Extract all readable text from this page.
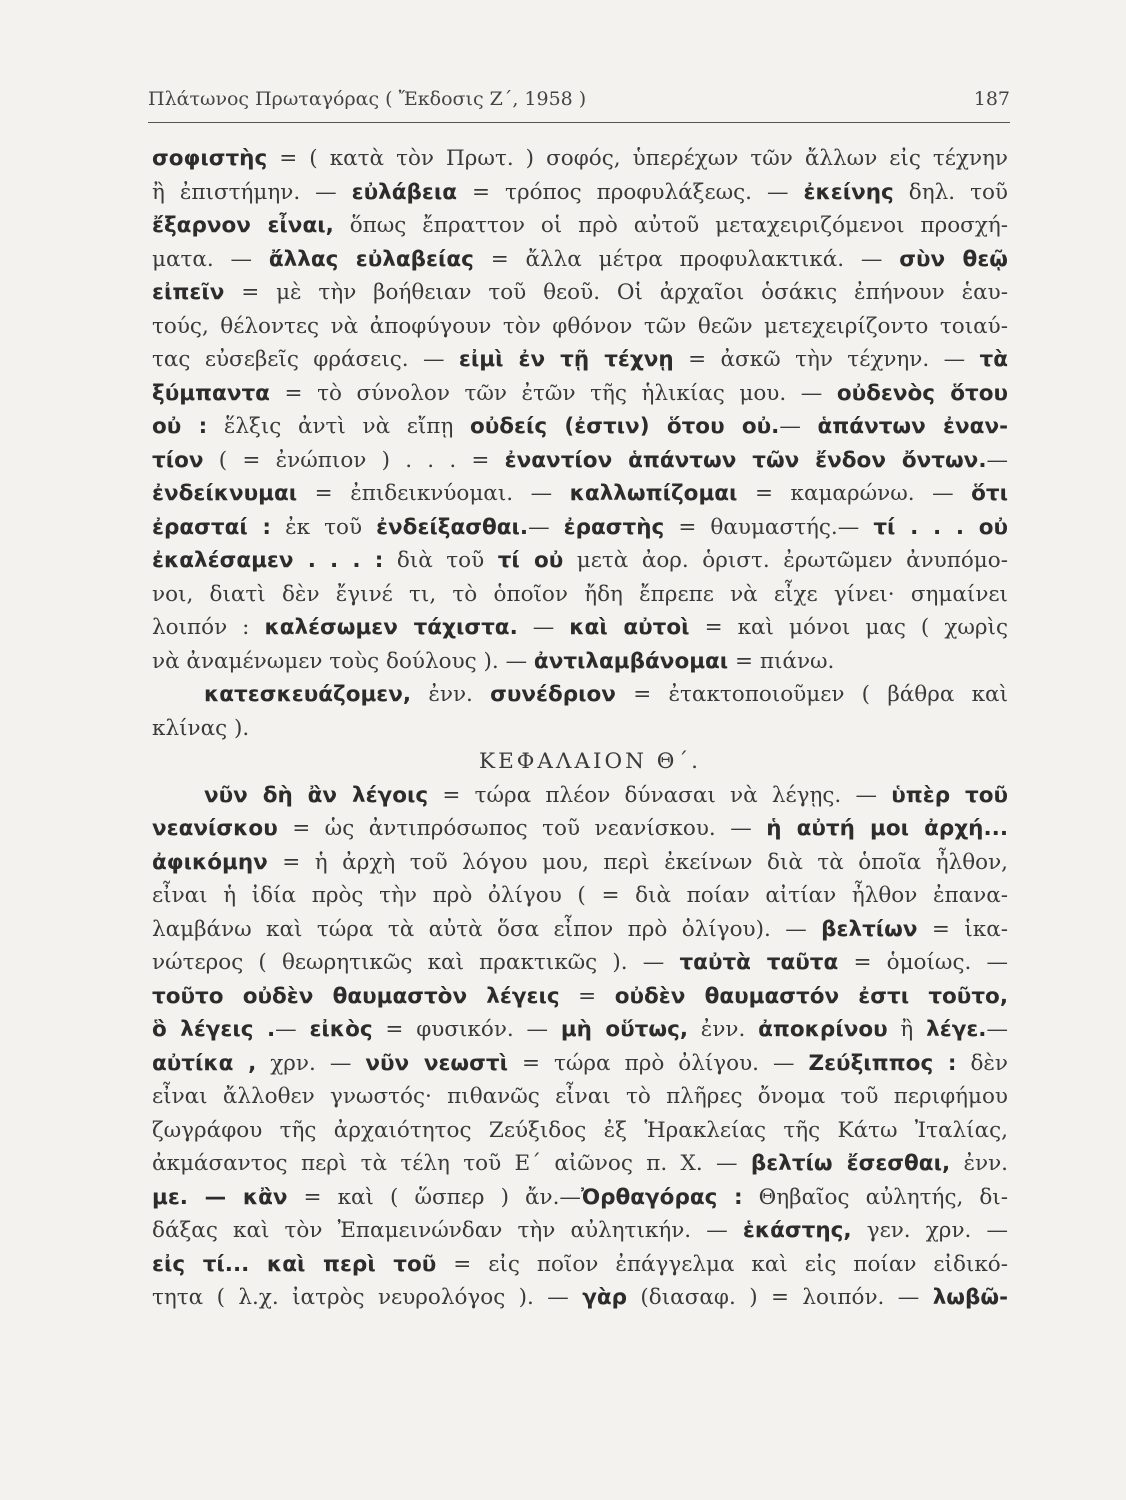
Πλάτωνος Πρωταγόρας ( Ἔκδοσις Ζ΄, 1958 )	187
σοφιστὴς = ( κατὰ τὸν Πρωτ. ) σοφός, ὑπερέχων τῶν ἄλλων εἰς τέχνην
ἢ ἐπιστήμην. — εὐλάβεια = τρόπος προφυλάξεως. — ἐκείνης δηλ. τοῦ
ἔξαρνον εἶναι, ὅπως ἔπραττον οἱ πρὸ αὐτοῦ μεταχειριζόμενοι προσχή-
ματα. — ἄλλας εὐλαβείας = ἄλλα μέτρα προφυλακτικά. — σὺν θεῷ
εἰπεῖν = μὲ τὴν βοήθειαν τοῦ θεοῦ. Οἱ ἀρχαῖοι ὁσάκις ἐπήνουν ἑαυ-
τούς, θέλοντες νὰ ἀποφύγουν τὸν φθόνον τῶν θεῶν μετεχειρίζοντο τοιαύ-
τας εὐσεβεῖς φράσεις. — εἰμὶ ἐν τῇ τέχνῃ = ἀσκῶ τὴν τέχνην. — τὰ
ξύμπαντα = τὸ σύνολον τῶν ἐτῶν τῆς ἡλικίας μου. — οὐδενὸς ὅτου
οὐ : ἕλξις ἀντὶ νὰ εἴπῃ οὐδείς (ἐστιν) ὅτου οὐ.— ἁπάντων ἐναν-
τίον ( = ἐνώπιον ) . . . = ἐναντίον ἁπάντων τῶν ἔνδον ὄντων.—
ἐνδείκνυμαι = ἐπιδεικνύομαι. — καλλωπίζομαι = καμαρώνω. — ὅτι
ἐρασταί : ἐκ τοῦ ἐνδείξασθαι.— ἐραστὴς = θαυμαστής.— τί . . . οὐ
ἐκαλέσαμεν . . . : διὰ τοῦ τί οὐ μετὰ ἀορ. ὁριστ. ἐρωτῶμεν ἀνυπόμο-
νοι, διατὶ δὲν ἔγινέ τι, τὸ ὁποῖον ἤδη ἔπρεπε νὰ εἶχε γίνει· σημαίνει
λοιπόν : καλέσωμεν τάχιστα. — καὶ αὐτοὶ = καὶ μόνοι μας ( χωρὶς
νὰ ἀναμένωμεν τοὺς δούλους ). — ἀντιλαμβάνομαι = πιάνω.
κατεσκευάζομεν, ἐνν. συνέδριον = ἐτακτοποιοῦμεν ( βάθρα καὶ
κλίνας ).
ΚΕΦΑΛΑΙΟΝ Θ΄.
νῦν δὴ ἂν λέγοις = τώρα πλέον δύνασαι νὰ λέγῃς. — ὑπὲρ τοῦ
νεανίσκου = ὡς ἀντιπρόσωπος τοῦ νεανίσκου. — ἡ αὐτή μοι ἀρχή...
ἀφικόμην = ἡ ἀρχὴ τοῦ λόγου μου, περὶ ἐκείνων διὰ τὰ ὁποῖα ἦλθον,
εἶναι ἡ ἰδία πρὸς τὴν πρὸ ὀλίγου ( = διὰ ποίαν αἰτίαν ἦλθον ἐπανα-
λαμβάνω καὶ τώρα τὰ αὐτὰ ὅσα εἶπον πρὸ ὀλίγου). — βελτίων = ἱκα-
νώτερος ( θεωρητικῶς καὶ πρακτικῶς ). — ταὐτὰ ταῦτα = ὁμοίως. —
τοῦτο οὐδὲν θαυμαστὸν λέγεις = οὐδὲν θαυμαστόν ἐστι τοῦτο,
ὃ λέγεις .— εἰκὸς = φυσικόν. — μὴ οὕτως, ἐνν. ἀποκρίνου ἢ λέγε.—
αὐτίκα , χρν. — νῦν νεωστὶ = τώρα πρὸ ὀλίγου. — Ζεύξιππος : δὲν
εἶναι ἄλλοθεν γνωστός· πιθανῶς εἶναι τὸ πλῆρες ὄνομα τοῦ περιφήμου
ζωγράφου τῆς ἀρχαιότητος Ζεύξιδος ἐξ Ἡρακλείας τῆς Κάτω Ἰταλίας,
ἀκμάσαντος περὶ τὰ τέλη τοῦ Ε΄ αἰῶνος π. Χ. — βελτίω ἔσεσθαι, ἐνν.
με. — κἂν = καὶ ( ὥσπερ ) ἄν.—Ὀρθαγόρας : Θηβαῖος αὐλητής, δι-
δάξας καὶ τὸν Ἐπαμεινώνδαν τὴν αὐλητικήν. — ἑκάστης, γεν. χρν. —
εἰς τί... καὶ περὶ τοῦ = εἰς ποῖον ἐπάγγελμα καὶ εἰς ποίαν εἰδικό-
τητα ( λ.χ. ἰατρὸς νευρολόγος ). — γὰρ (διασαφ. ) = λοιπόν. — λωβῶ-
